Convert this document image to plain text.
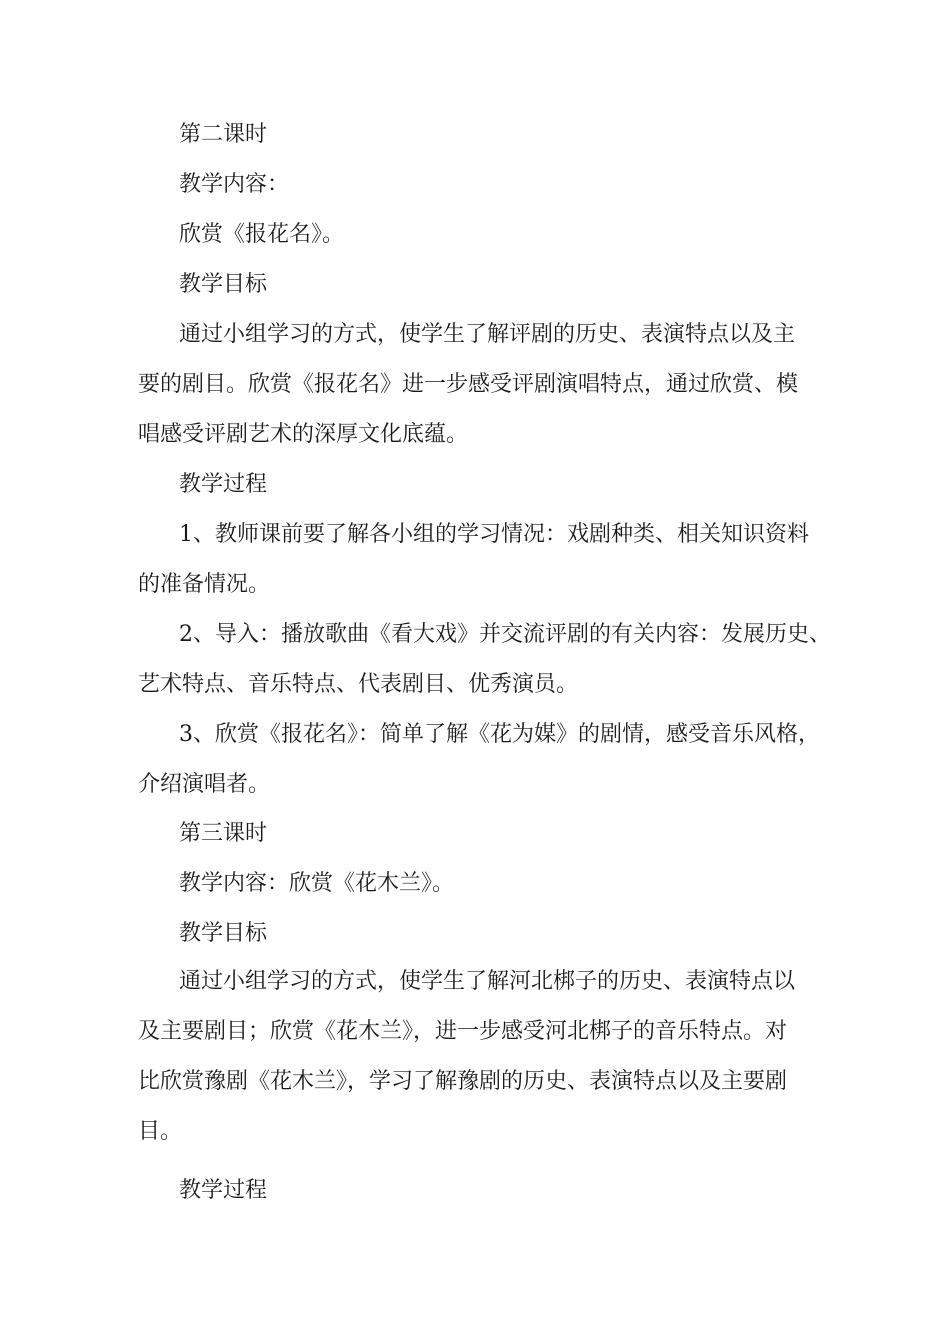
第二课时

教学内容：

欣赏《报花名》。

教学目标

通过小组学习的方式，使学生了解评剧的历史、表演特点以及主
要的剧目。欣赏《报花名》进一步感受评剧演唱特点，通过欣赏、模
唱感受评剧艺术的深厚文化底蕴。

教学过程

1、教师课前要了解各小组的学习情况：戏剧种类、相关知识资料
的准备情况。
2、导入：播放歌曲《看大戏》并交流评剧的有关内容：发展历史、
艺术特点、音乐特点、代表剧目、优秀演员。
3、欣赏《报花名》：简单了解《花为媒》的剧情，感受音乐风格，
介绍演唱者。

第三课时

教学内容：欣赏《花木兰》。

教学目标

通过小组学习的方式，使学生了解河北梆子的历史、表演特点以
及主要剧目；欣赏《花木兰》，进一步感受河北梆子的音乐特点。对
比欣赏豫剧《花木兰》，学习了解豫剧的历史、表演特点以及主要剧
目。

教学过程
